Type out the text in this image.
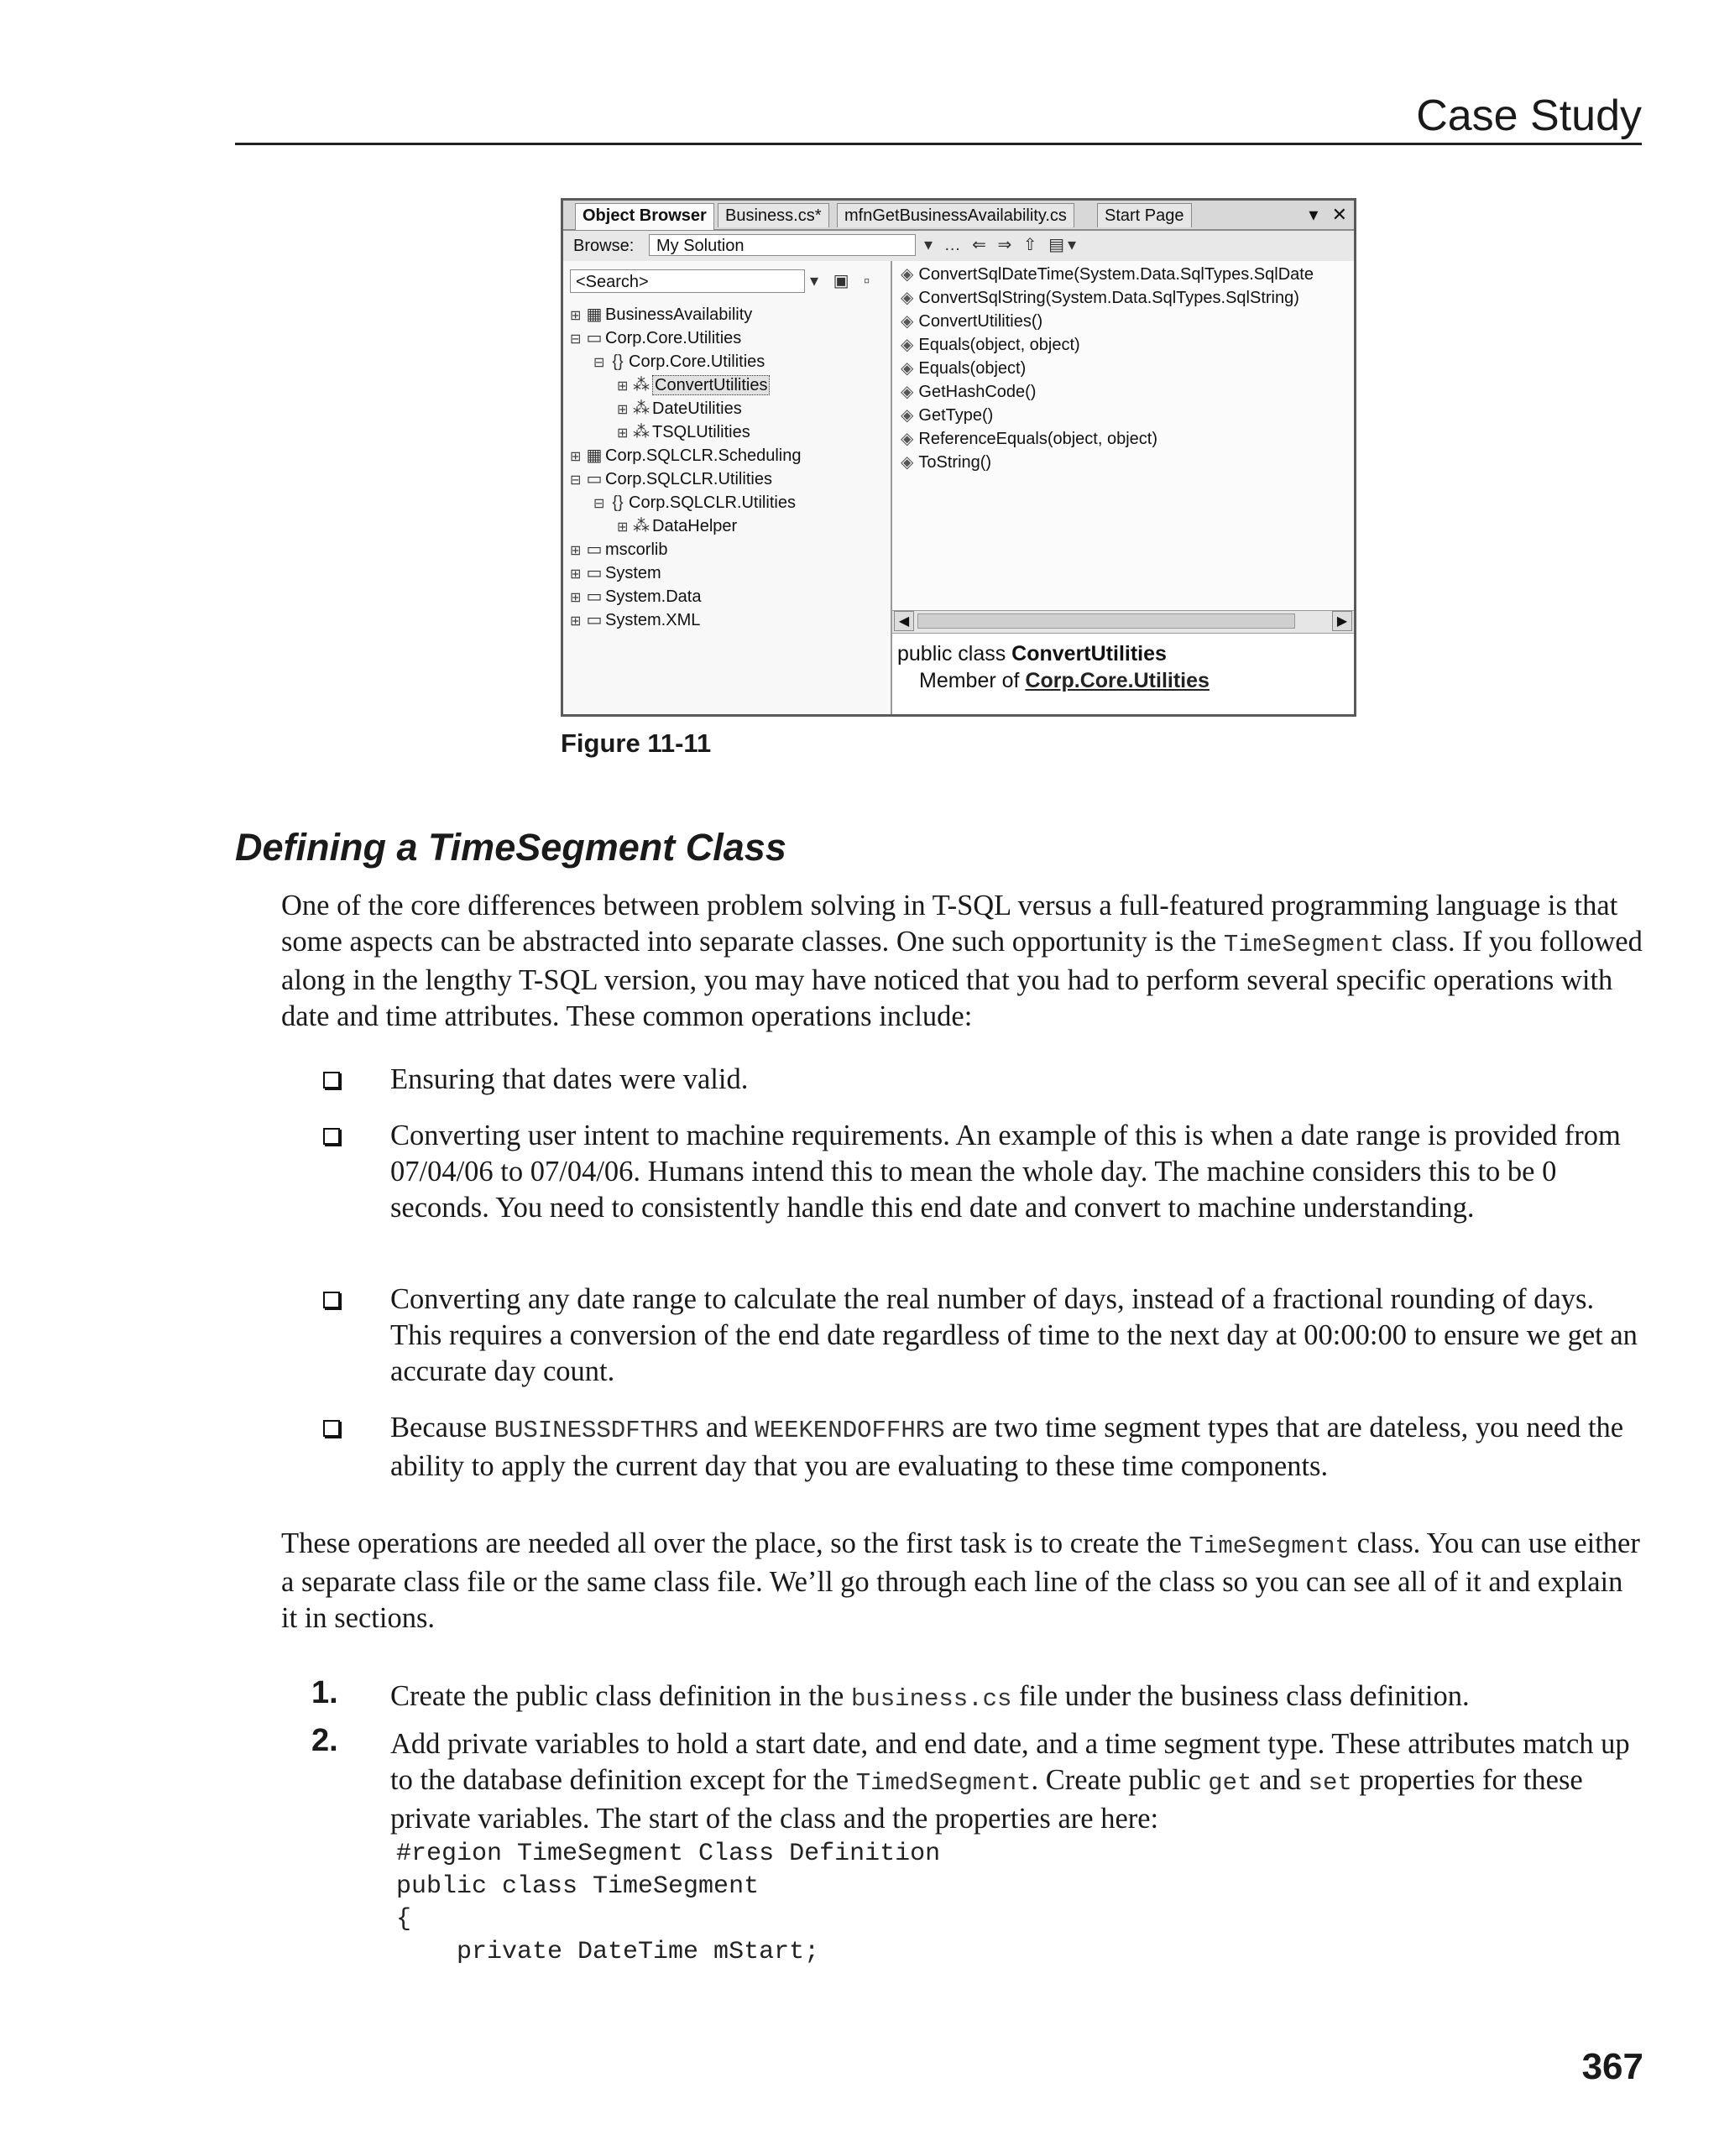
Case Study
Object Browser	Business.cs*	mfnGetBusinessAvailability.cs	Start Page	▾ ✕
Browse:	My Solution	▾ … ⇐ ⇒ ⇧ ▤▾
<Search>	▾ ▣ ▫
⊞ ▦ BusinessAvailability
⊟ ▭ Corp.Core.Utilities
⊟ {} Corp.Core.Utilities
⊞ ⁂ ConvertUtilities
⊞ ⁂ DateUtilities
⊞ ⁂ TSQLUtilities
⊞ ▦ Corp.SQLCLR.Scheduling
⊟ ▭ Corp.SQLCLR.Utilities
⊟ {} Corp.SQLCLR.Utilities
⊞ ⁂ DataHelper
⊞ ▭ mscorlib
⊞ ▭ System
⊞ ▭ System.Data
⊞ ▭ System.XML
◈ ConvertSqlDateTime(System.Data.SqlTypes.SqlDate
◈ ConvertSqlString(System.Data.SqlTypes.SqlString)
◈ ConvertUtilities()
◈ Equals(object, object)
◈ Equals(object)
◈ GetHashCode()
◈ GetType()
◈ ReferenceEquals(object, object)
◈ ToString()
◀	▶
public class ConvertUtilities
Member of Corp.Core.Utilities
Figure 11-11
Defining a TimeSegment Class
One of the core differences between problem solving in T-SQL versus a full-featured programming language is that some aspects can be abstracted into separate classes. One such opportunity is the TimeSegment class. If you followed along in the lengthy T-SQL version, you may have noticed that you had to perform several specific operations with date and time attributes. These common operations include:
Ensuring that dates were valid.
Converting user intent to machine requirements. An example of this is when a date range is provided from 07/04/06 to 07/04/06. Humans intend this to mean the whole day. The machine considers this to be 0 seconds. You need to consistently handle this end date and convert to machine understanding.
Converting any date range to calculate the real number of days, instead of a fractional rounding of days. This requires a conversion of the end date regardless of time to the next day at 00:00:00 to ensure we get an accurate day count.
Because BUSINESSDFTHRS and WEEKENDOFFHRS are two time segment types that are dateless, you need the ability to apply the current day that you are evaluating to these time components.
These operations are needed all over the place, so the first task is to create the TimeSegment class. You can use either a separate class file or the same class file. We’ll go through each line of the class so you can see all of it and explain it in sections.
1. Create the public class definition in the business.cs file under the business class definition.
2. Add private variables to hold a start date, and end date, and a time segment type. These attributes match up to the database definition except for the TimedSegment. Create public get and set properties for these private variables. The start of the class and the properties are here:
#region TimeSegment Class Definition
public class TimeSegment
{
private DateTime mStart;
367
